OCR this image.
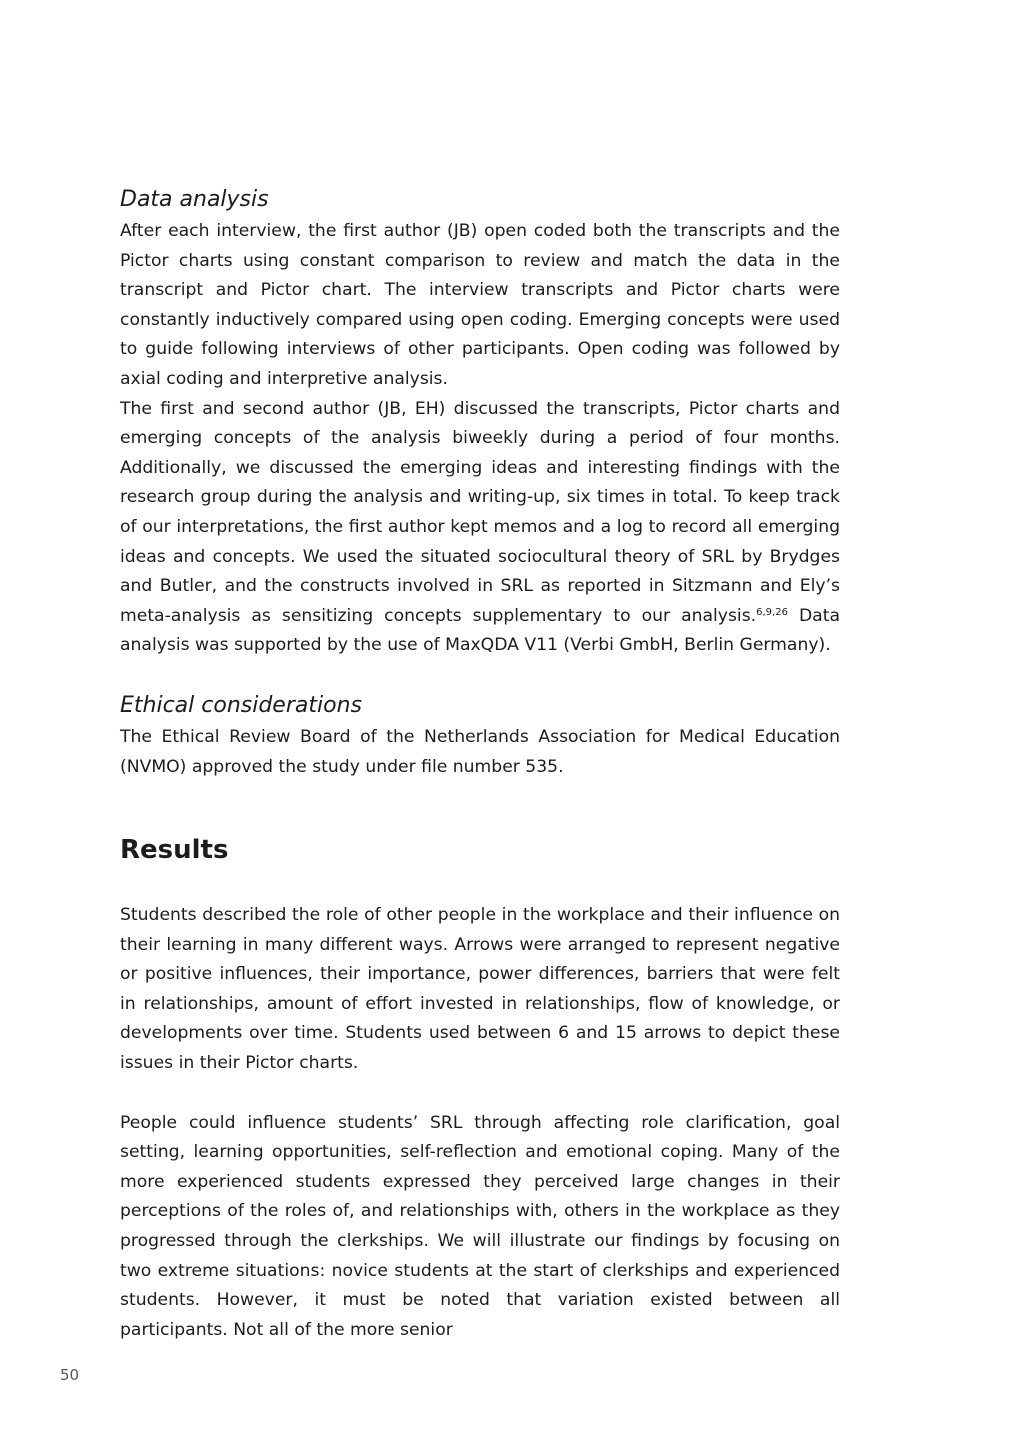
Data analysis

After each interview, the first author (JB) open coded both the transcripts and the Pictor charts using constant comparison to review and match the data in the transcript and Pictor chart. The interview transcripts and Pictor charts were constantly inductively compared using open coding. Emerging concepts were used to guide following interviews of other participants. Open coding was followed by axial coding and interpretive analysis.

The first and second author (JB, EH) discussed the transcripts, Pictor charts and emerging concepts of the analysis biweekly during a period of four months. Additionally, we discussed the emerging ideas and interesting findings with the research group during the analysis and writing-up, six times in total. To keep track of our interpretations, the first author kept memos and a log to record all emerging ideas and concepts. We used the situated sociocultural theory of SRL by Brydges and Butler, and the constructs involved in SRL as reported in Sitzmann and Ely’s meta-analysis as sensitizing concepts supplementary to our analysis.$^{6,9,26}$ Data analysis was supported by the use of MaxQDA V11 (Verbi GmbH, Berlin Germany).

Ethical considerations

The Ethical Review Board of the Netherlands Association for Medical Education (NVMO) approved the study under file number 535.

Results

Students described the role of other people in the workplace and their influence on their learning in many different ways. Arrows were arranged to represent negative or positive influences, their importance, power differences, barriers that were felt in relationships, amount of effort invested in relationships, flow of knowledge, or developments over time. Students used between 6 and 15 arrows to depict these issues in their Pictor charts.

People could influence students’ SRL through affecting role clarification, goal setting, learning opportunities, self-reflection and emotional coping. Many of the more experienced students expressed they perceived large changes in their perceptions of the roles of, and relationships with, others in the workplace as they progressed through the clerkships. We will illustrate our findings by focusing on two extreme situations: novice students at the start of clerkships and experienced students. However, it must be noted that variation existed between all participants. Not all of the more senior

50
